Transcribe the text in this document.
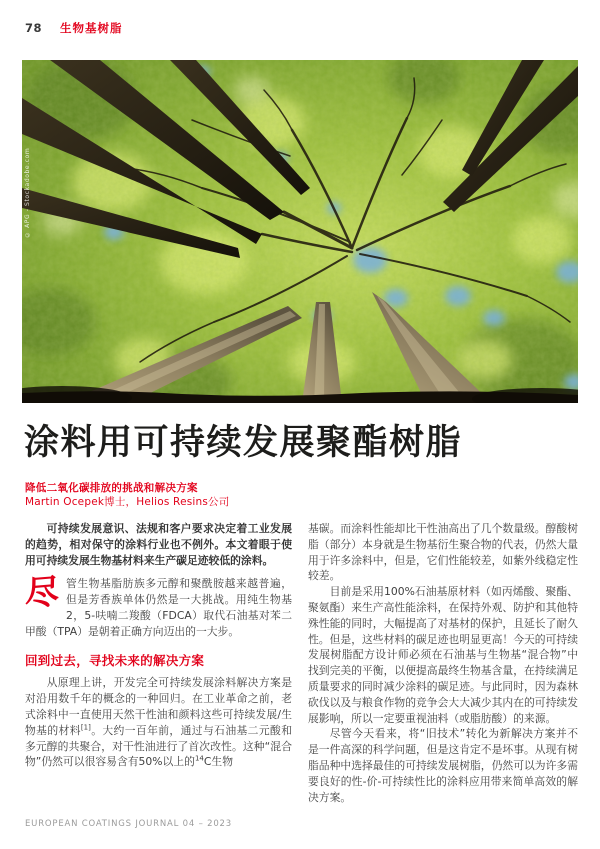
78 生物基树脂
© APG - Stockadobe.com
涂料用可持续发展聚酯树脂
降低二氧化碳排放的挑战和解决方案
Martin Ocepek博士，Helios Resins公司

可持续发展意识、法规和客户要求决定着工业发展的趋势，相对保守的涂料行业也不例外。本文着眼于使用可持续发展生物基材料来生产碳足迹较低的涂料。

尽管生物基脂肪族多元醇和聚酰胺越来越普遍，但是芳香族单体仍然是一大挑战。用纯生物基2，5-呋喃二羧酸（FDCA）取代石油基对苯二甲酸（TPA）是朝着正确方向迈出的一大步。

回到过去，寻找未来的解决方案

从原理上讲，开发完全可持续发展涂料解决方案是对沿用数千年的概念的一种回归。在工业革命之前，老式涂料中一直使用天然干性油和颜料这些可持续发展/生物基的材料[1]。大约一百年前，通过与石油基二元酸和多元醇的共聚合，对干性油进行了首次改性。这种“混合物”仍然可以很容易含有50%以上的$^{14}$C生物

基碳。而涂料性能却比干性油高出了几个数量级。醇酸树脂（部分）本身就是生物基衍生聚合物的代表，仍然大量用于许多涂料中，但是，它们性能较差，如紫外线稳定性较差。

目前是采用100%石油基原材料（如丙烯酸、聚酯、聚氨酯）来生产高性能涂料，在保持外观、防护和其他特殊性能的同时，大幅提高了对基材的保护，且延长了耐久性。但是，这些材料的碳足迹也明显更高！今天的可持续发展树脂配方设计师必须在石油基与生物基“混合物”中找到完美的平衡，以便提高最终生物基含量，在持续满足质量要求的同时减少涂料的碳足迹。与此同时，因为森林砍伐以及与粮食作物的竞争会大大减少其内在的可持续发展影响，所以一定要重视油料（或脂肪酸）的来源。

尽管今天看来，将“旧技术”转化为新解决方案并不是一件高深的科学问题，但是这肯定不是坏事。从现有树脂品种中选择最佳的可持续发展树脂，仍然可以为许多需要良好的性-价-可持续性比的涂料应用带来简单高效的解决方案。

EUROPEAN COATINGS JOURNAL 04 – 2023
